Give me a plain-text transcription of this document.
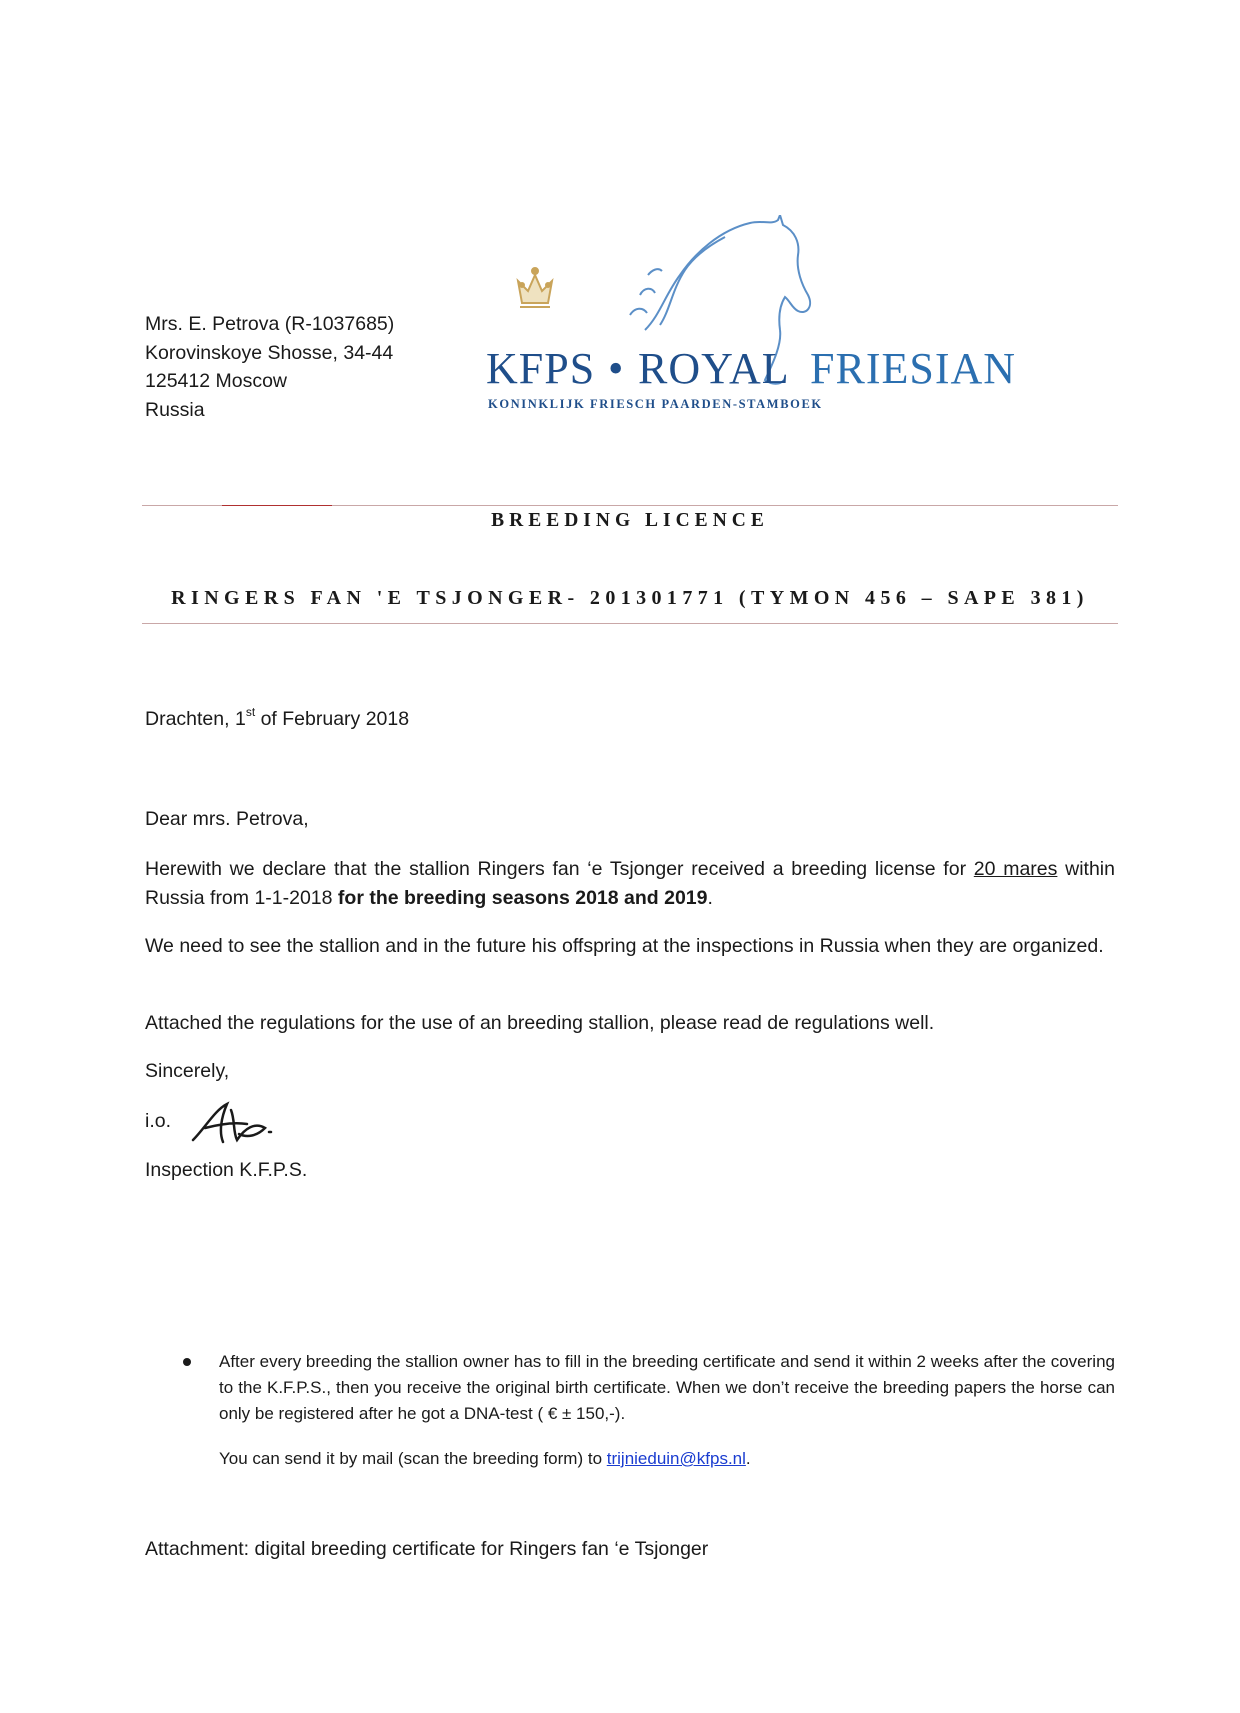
Mrs. E. Petrova (R-1037685)
Korovinskoye Shosse, 34-44
125412 Moscow
Russia
KFPS • ROYAL FRIESIAN
KONINKLIJK FRIESCH PAARDEN-STAMBOEK
BREEDING LICENCE
RINGERS FAN 'E TSJONGER- 201301771 (TYMON 456 – SAPE 381)
Drachten, 1st of February 2018
Dear mrs. Petrova,
Herewith we declare that the stallion Ringers fan ‘e Tsjonger received a breeding license for 20 mares within Russia from 1-1-2018 for the breeding seasons 2018 and 2019.
We need to see the stallion and in the future his offspring at the inspections in Russia when they are organized.
Attached the regulations for the use of an breeding stallion, please read de regulations well.
Sincerely,
i.o.
Inspection K.F.P.S.
After every breeding the stallion owner has to fill in the breeding certificate and send it within 2 weeks after the covering to the K.F.P.S., then you receive the original birth certificate. When we don’t receive the breeding papers the horse can only be registered after he got a DNA-test ( € ± 150,-).
You can send it by mail (scan the breeding form) to trijnieduin@kfps.nl.
Attachment: digital breeding certificate for Ringers fan ‘e Tsjonger
